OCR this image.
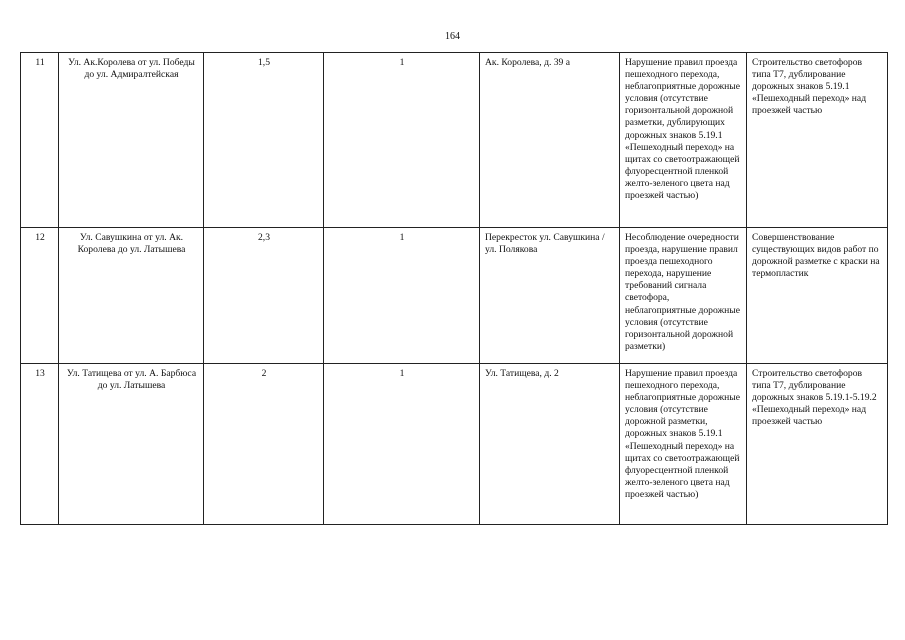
164
11	Ул. Ак.Королева от ул. Победы до ул. Адмиралтейская	1,5	1	Ак. Королева, д. 39 а	Нарушение правил проезда пешеходного перехода, неблагоприятные дорожные условия (отсутствие горизонтальной дорожной разметки, дублирующих дорожных знаков 5.19.1 «Пешеходный переход» на щитах со светоотражающей флуоресцентной пленкой желто-зеленого цвета над проезжей частью)	Строительство светофоров типа Т7, дублирование дорожных знаков 5.19.1 «Пешеходный переход» над проезжей частью
12	Ул. Савушкина от ул. Ак. Королева до ул. Латышева	2,3	1	Перекресток ул. Савушкина / ул. Полякова	Несоблюдение очередности проезда, нарушение правил проезда пешеходного перехода, нарушение требований сигнала светофора, неблагоприятные дорожные условия (отсутствие горизонтальной дорожной разметки)	Совершенствование существующих видов работ по дорожной разметке с краски на термопластик
13	Ул. Татищева от ул. А. Барбюса до ул. Латышева	2	1	Ул. Татищева, д. 2	Нарушение правил проезда пешеходного перехода, неблагоприятные дорожные условия (отсутствие дорожной разметки, дорожных знаков 5.19.1 «Пешеходный переход» на щитах со светоотражающей флуоресцентной пленкой желто-зеленого цвета над проезжей частью)	Строительство светофоров типа Т7, дублирование дорожных знаков 5.19.1-5.19.2 «Пешеходный переход» над проезжей частью
